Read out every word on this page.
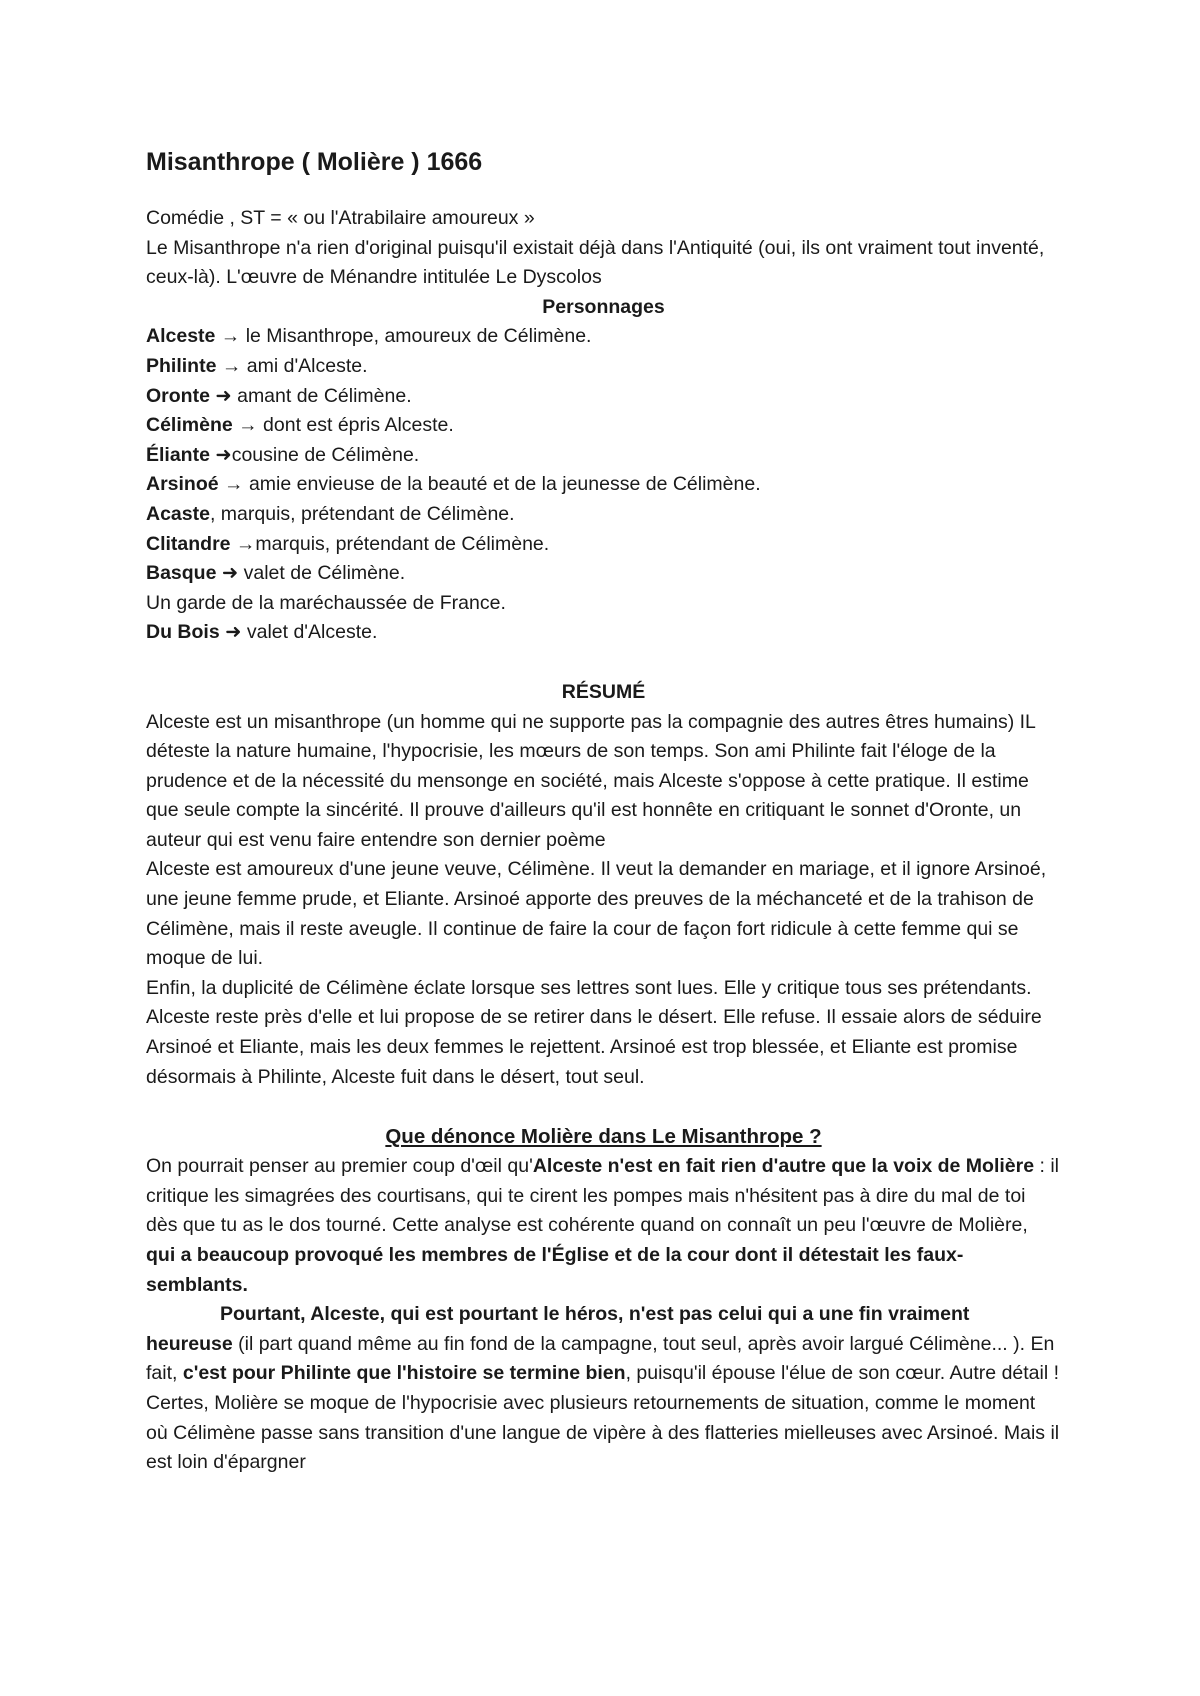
Misanthrope ( Molière ) 1666

Comédie , ST = « ou l'Atrabilaire amoureux »

Le Misanthrope n'a rien d'original puisqu'il existait déjà dans l'Antiquité (oui, ils ont vraiment tout inventé, ceux-là). L'œuvre de Ménandre intitulée Le Dyscolos

Personnages

Alceste → le Misanthrope, amoureux de Célimène.

Philinte → ami d'Alceste.

Oronte ➜ amant de Célimène.

Célimène → dont est épris Alceste.

Éliante ➜cousine de Célimène.

Arsinoé → amie envieuse de la beauté et de la jeunesse de Célimène.

Acaste, marquis, prétendant de Célimène.

Clitandre →marquis, prétendant de Célimène.

Basque ➜ valet de Célimène.

Un garde de la maréchaussée de France.

Du Bois ➜ valet d'Alceste.

RÉSUMÉ

Alceste est un misanthrope (un homme qui ne supporte pas la compagnie des autres êtres humains) IL déteste la nature humaine, l'hypocrisie, les mœurs de son temps. Son ami Philinte fait l'éloge de la prudence et de la nécessité du mensonge en société, mais Alceste s'oppose à cette pratique. Il estime que seule compte la sincérité. Il prouve d'ailleurs qu'il est honnête en critiquant le sonnet d'Oronte, un auteur qui est venu faire entendre son dernier poème

Alceste est amoureux d'une jeune veuve, Célimène. Il veut la demander en mariage, et il ignore Arsinoé, une jeune femme prude, et Eliante. Arsinoé apporte des preuves de la méchanceté et de la trahison de Célimène, mais il reste aveugle. Il continue de faire la cour de façon fort ridicule à cette femme qui se moque de lui.

Enfin, la duplicité de Célimène éclate lorsque ses lettres sont lues. Elle y critique tous ses prétendants. Alceste reste près d'elle et lui propose de se retirer dans le désert. Elle refuse. Il essaie alors de séduire Arsinoé et Eliante, mais les deux femmes le rejettent. Arsinoé est trop blessée, et Eliante est promise désormais à Philinte, Alceste fuit dans le désert, tout seul.

Que dénonce Molière dans Le Misanthrope ?

On pourrait penser au premier coup d'œil qu'Alceste n'est en fait rien d'autre que la voix de Molière : il critique les simagrées des courtisans, qui te cirent les pompes mais n'hésitent pas à dire du mal de toi dès que tu as le dos tourné. Cette analyse est cohérente quand on connaît un peu l'œuvre de Molière, qui a beaucoup provoqué les membres de l'Église et de la cour dont il détestait les faux-semblants.

Pourtant, Alceste, qui est pourtant le héros, n'est pas celui qui a une fin vraiment heureuse (il part quand même au fin fond de la campagne, tout seul, après avoir largué Célimène... ). En fait, c'est pour Philinte que l'histoire se termine bien, puisqu'il épouse l'élue de son cœur. Autre détail ! Certes, Molière se moque de l'hypocrisie avec plusieurs retournements de situation, comme le moment où Célimène passe sans transition d'une langue de vipère à des flatteries mielleuses avec Arsinoé. Mais il est loin d'épargner
